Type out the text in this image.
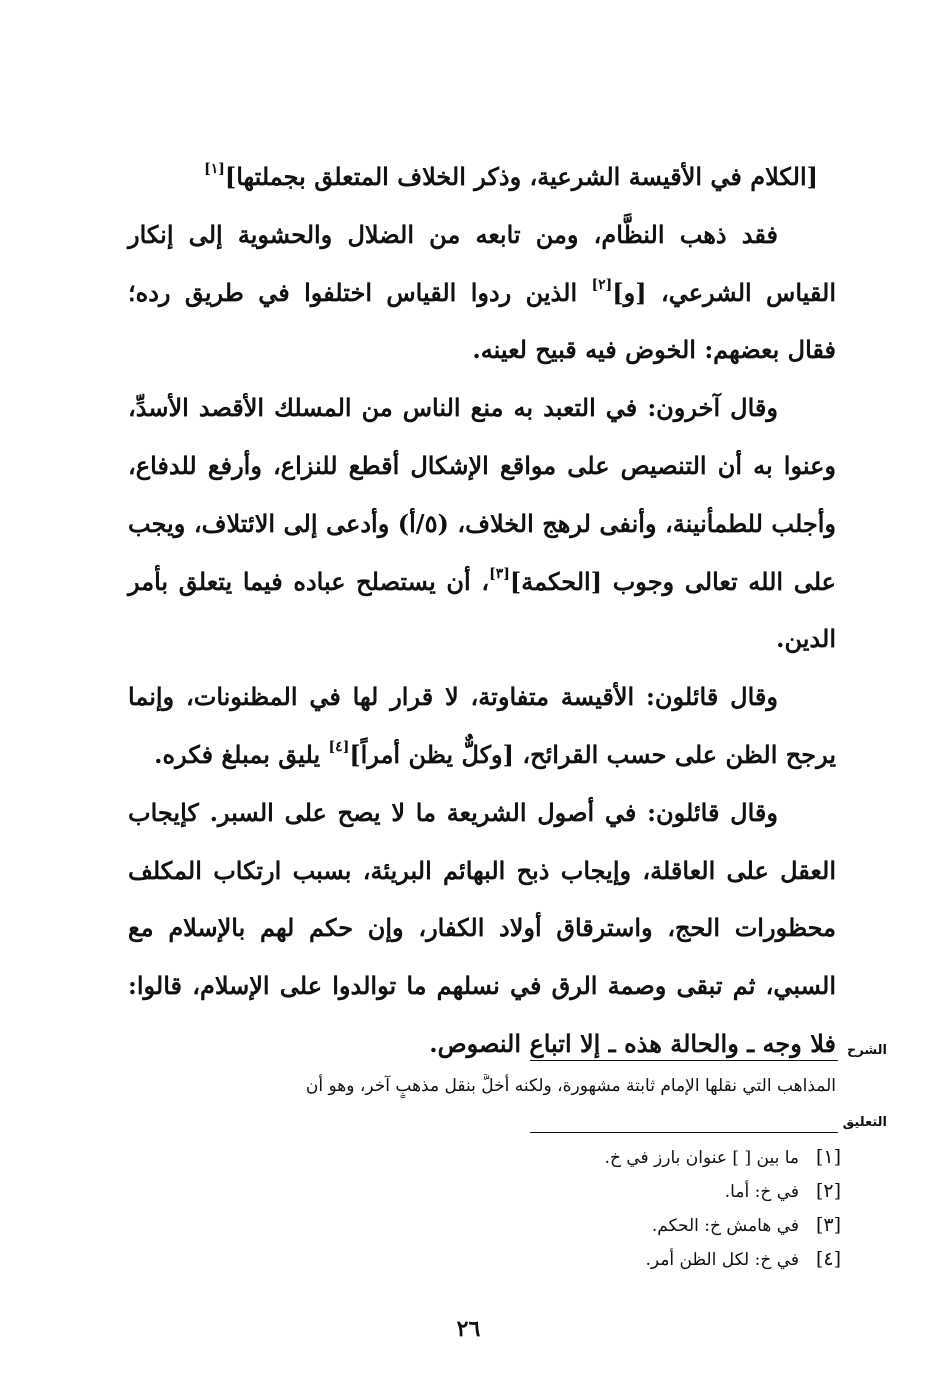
[الكلام في الأقيسة الشرعية، وذكر الخلاف المتعلق بجملتها][١]

فقد ذهب النظَّام، ومن تابعه من الضلال والحشوية إلى إنكار القياس الشرعي، [و][٢] الذين ردوا القياس اختلفوا في طريق رده؛ فقال بعضهم: الخوض فيه قبيح لعينه.

وقال آخرون: في التعبد به منع الناس من المسلك الأقصد الأسدِّ، وعنوا به أن التنصيص على مواقع الإشكال أقطع للنزاع، وأرفع للدفاع، وأجلب للطمأنينة، وأنفى لرهج الخلاف، (٥/أ) وأدعى إلى الائتلاف، ويجب على الله تعالى وجوب [الحكمة][٣]، أن يستصلح عباده فيما يتعلق بأمر الدين.

وقال قائلون: الأقيسة متفاوتة، لا قرار لها في المظنونات، وإنما يرجح الظن على حسب القرائح، [وكلٌّ يظن أمراً][٤] يليق بمبلغ فكره.

وقال قائلون: في أصول الشريعة ما لا يصح على السبر. كإيجاب العقل على العاقلة، وإيجاب ذبح البهائم البريئة، بسبب ارتكاب المكلف محظورات الحج، واسترقاق أولاد الكفار، وإن حكم لهم بالإسلام مع السبي، ثم تبقى وصمة الرق في نسلهم ما توالدوا على الإسلام، قالوا: فلا وجه ـ والحالة هذه ـ إلا اتباع النصوص. الشرح
المذاهب التي نقلها الإمام ثابتة مشهورة، ولكنه أخلَّ بنقل مذهبٍ آخر، وهو أن
التعليق
[١]ما بين [ ] عنوان بارز في خ.
[٢]في خ: أما.
[٣]في هامش خ: الحكم.
[٤]في خ: لكل الظن أمر.
٢٦
